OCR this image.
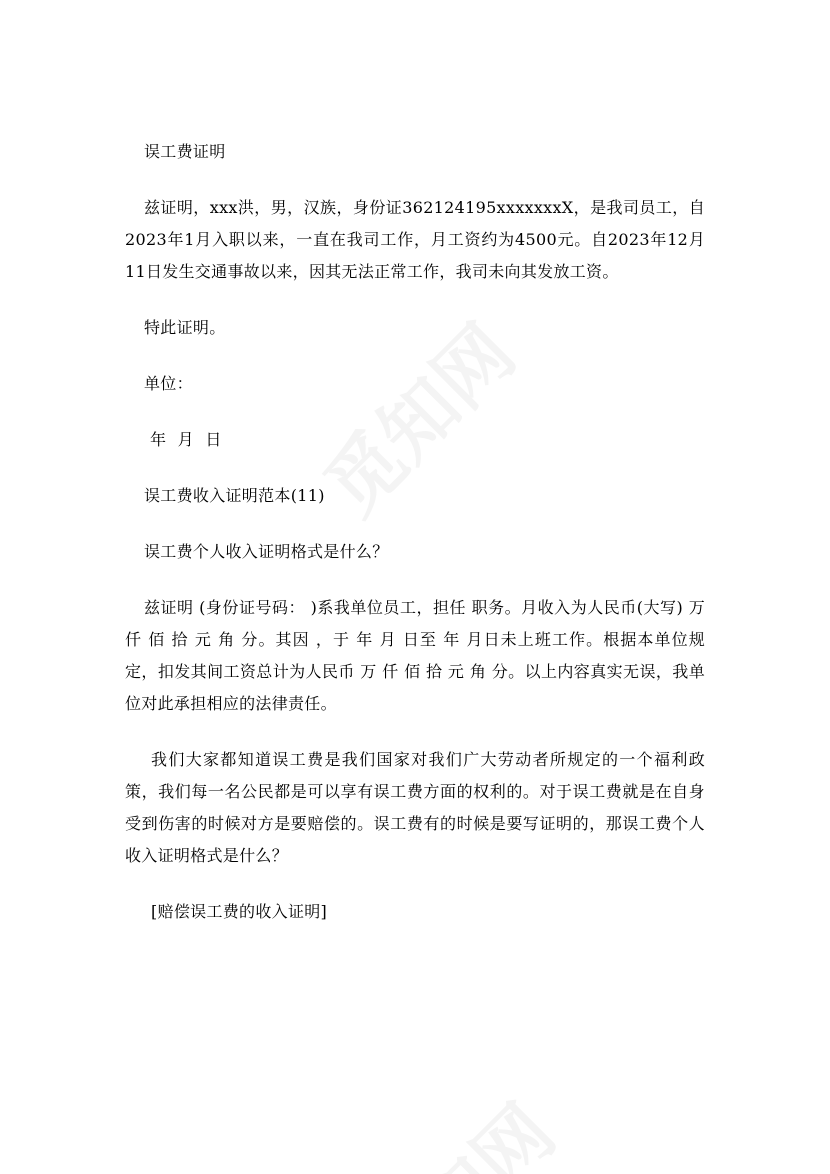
误工费证明

兹证明，xxx洪，男，汉族，身份证362124195xxxxxxxX，是我司员工，自2023年1月入职以来，一直在我司工作，月工资约为4500元。自2023年12月11日发生交通事故以来，因其无法正常工作，我司未向其发放工资。

特此证明。

单位：

年 月 日

误工费收入证明范本(11)

误工费个人收入证明格式是什么？

兹证明 (身份证号码： )系我单位员工，担任 职务。月收入为人民币(大写) 万 仟 佰 拾 元 角 分。其因 ，于 年 月 日至 年 月日未上班工作。根据本单位规定，扣发其间工资总计为人民币 万 仟 佰 拾 元 角 分。以上内容真实无误，我单位对此承担相应的法律责任。

我们大家都知道误工费是我们国家对我们广大劳动者所规定的一个福利政策，我们每一名公民都是可以享有误工费方面的权利的。对于误工费就是在自身受到伤害的时候对方是要赔偿的。误工费有的时候是要写证明的，那误工费个人收入证明格式是什么？

[赔偿误工费的收入证明]
